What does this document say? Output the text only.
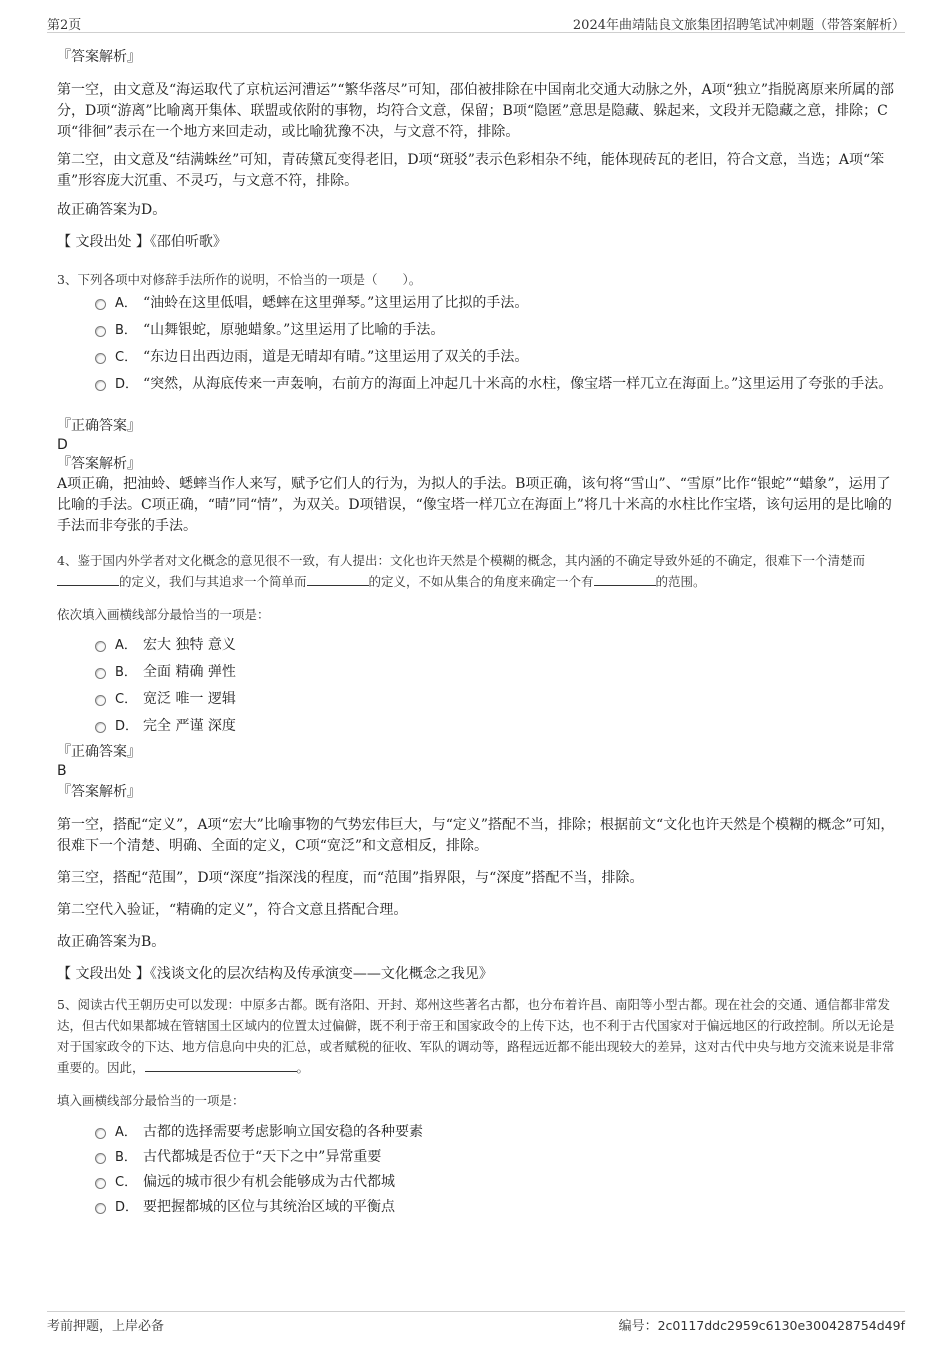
第2页	2024年曲靖陆良文旅集团招聘笔试冲刺题（带答案解析）
『答案解析』

第一空，由文意及“海运取代了京杭运河漕运”“繁华落尽”可知，邵伯被排除在中国南北交通大动脉之外，A项“独立”指脱离原来所属的部分，D项“游离”比喻离开集体、联盟或依附的事物，均符合文意，保留；B项“隐匿”意思是隐藏、躲起来，文段并无隐藏之意，排除；C项“徘徊”表示在一个地方来回走动，或比喻犹豫不决，与文意不符，排除。

第二空，由文意及“结满蛛丝”可知，青砖黛瓦变得老旧，D项“斑驳”表示色彩相杂不纯，能体现砖瓦的老旧，符合文意，当选；A项“笨重”形容庞大沉重、不灵巧，与文意不符，排除。

故正确答案为D。

【 文段出处 】《邵伯听歌》

3、下列各项中对修辞手法所作的说明，不恰当的一项是（　　）。

A． “油蛉在这里低唱，蟋蟀在这里弹琴。”这里运用了比拟的手法。
B． “山舞银蛇，原驰蜡象。”这里运用了比喻的手法。
C． “东边日出西边雨，道是无晴却有晴。”这里运用了双关的手法。
D． “突然，从海底传来一声轰响，右前方的海面上冲起几十米高的水柱，像宝塔一样兀立在海面上。”这里运用了夸张的手法。
『正确答案』
D
『答案解析』

A项正确，把油蛉、蟋蟀当作人来写，赋予它们人的行为，为拟人的手法。B项正确，该句将“雪山”、“雪原”比作“银蛇”“蜡象”，运用了比喻的手法。C项正确，“晴”同“情”，为双关。D项错误，“像宝塔一样兀立在海面上”将几十米高的水柱比作宝塔，该句运用的是比喻的手法而非夸张的手法。

4、鉴于国内外学者对文化概念的意见很不一致，有人提出：文化也许天然是个模糊的概念，其内涵的不确定导致外延的不确定，很难下一个清楚而的定义，我们与其追求一个简单而	的定义，不如从集合的角度来确定一个有	的范围。

依次填入画横线部分最恰当的一项是：

A． 宏大 独特 意义
B． 全面 精确 弹性
C． 宽泛 唯一 逻辑
D． 完全 严谨 深度
『正确答案』
B
『答案解析』

第一空，搭配“定义”，A项“宏大”比喻事物的气势宏伟巨大，与“定义”搭配不当，排除；根据前文“文化也许天然是个模糊的概念”可知，很难下一个清楚、明确、全面的定义，C项“宽泛”和文意相反，排除。

第三空，搭配“范围”，D项“深度”指深浅的程度，而“范围”指界限，与“深度”搭配不当，排除。

第二空代入验证，“精确的定义”，符合文意且搭配合理。

故正确答案为B。

【 文段出处 】《浅谈文化的层次结构及传承演变——文化概念之我见》

5、阅读古代王朝历史可以发现：中原多古都。既有洛阳、开封、郑州这些著名古都，也分布着许昌、南阳等小型古都。现在社会的交通、通信都非常发达，但古代如果都城在管辖国土区域内的位置太过偏僻，既不利于帝王和国家政令的上传下达，也不利于古代国家对于偏远地区的行政控制。所以无论是对于国家政令的下达、地方信息向中央的汇总，或者赋税的征收、军队的调动等，路程远近都不能出现较大的差异，这对古代中央与地方交流来说是非常重要的。因此，	。

填入画横线部分最恰当的一项是：

A． 古都的选择需要考虑影响立国安稳的各种要素
B． 古代都城是否位于“天下之中”异常重要
C． 偏远的城市很少有机会能够成为古代都城
D． 要把握都城的区位与其统治区域的平衡点
考前押题，上岸必备	编号：2c0117ddc2959c6130e300428754d49f
